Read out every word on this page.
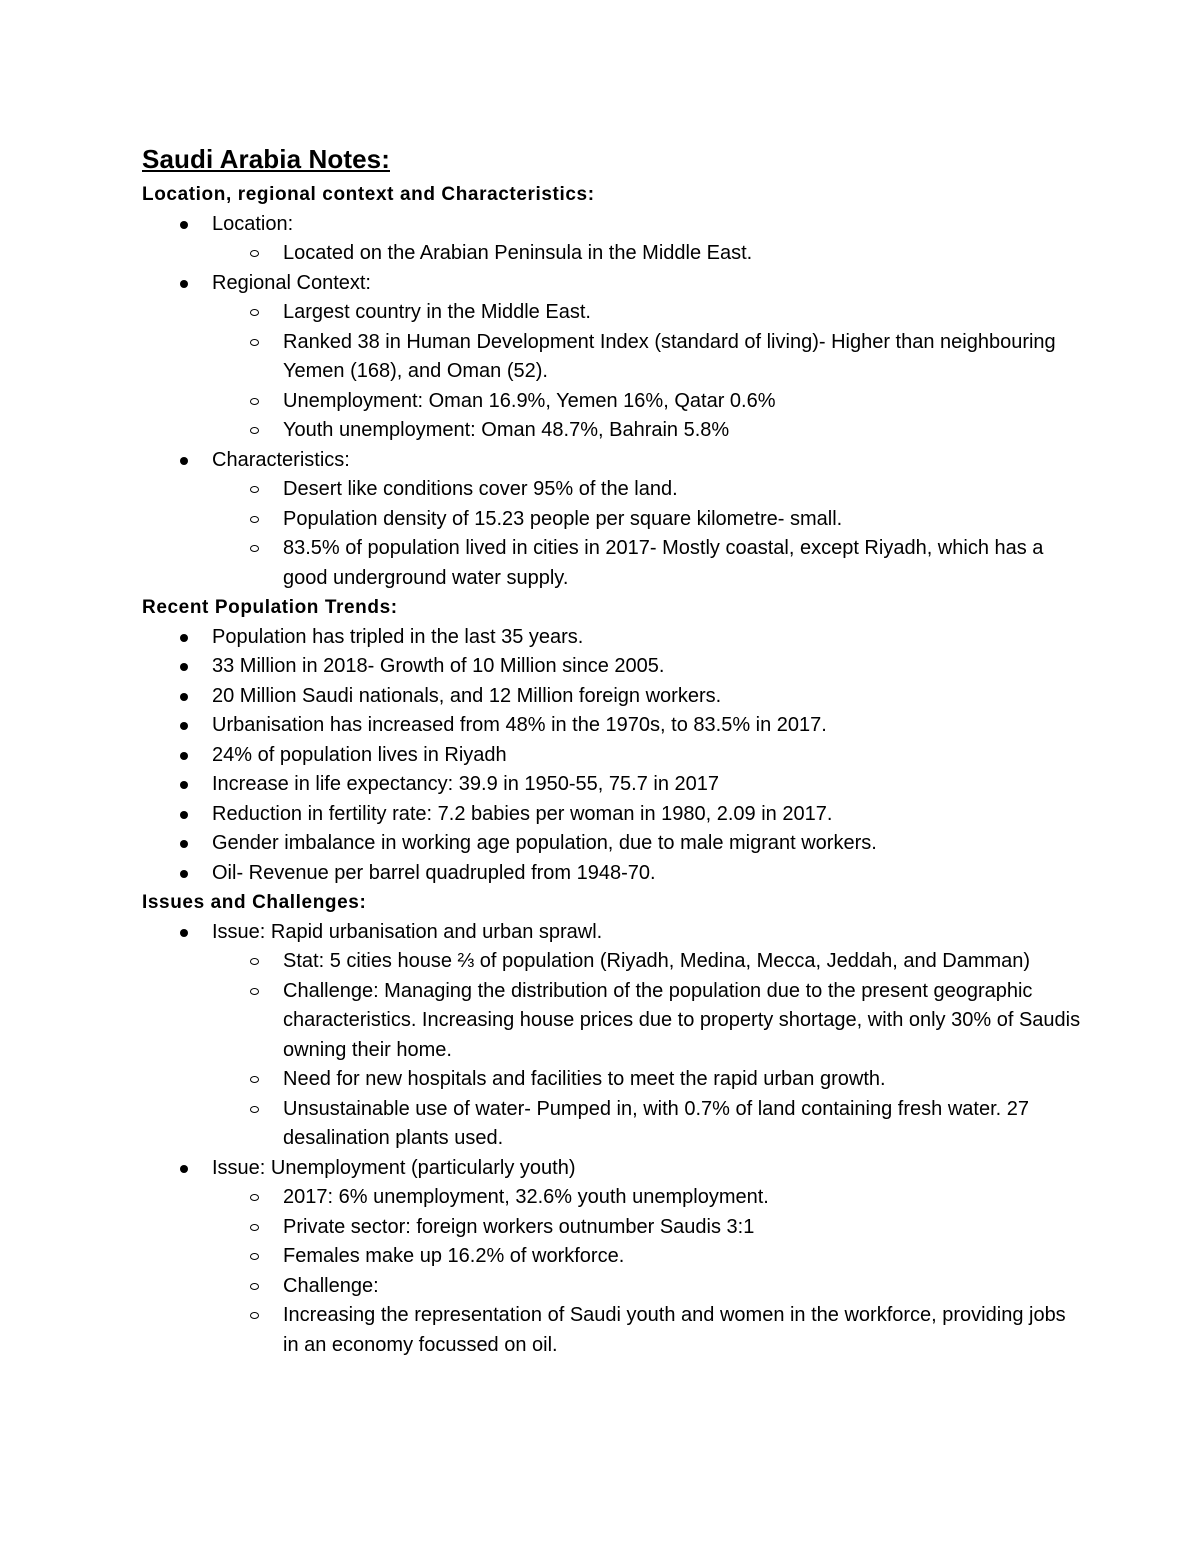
Saudi Arabia Notes:
Location, regional context and Characteristics:
Location:
Located on the Arabian Peninsula in the Middle East.
Regional Context:
Largest country in the Middle East.
Ranked 38 in Human Development Index (standard of living)- Higher than neighbouring Yemen (168), and Oman (52).
Unemployment: Oman 16.9%, Yemen 16%, Qatar 0.6%
Youth unemployment: Oman 48.7%, Bahrain 5.8%
Characteristics:
Desert like conditions cover 95% of the land.
Population density of 15.23 people per square kilometre- small.
83.5% of population lived in cities in 2017- Mostly coastal, except Riyadh, which has a good underground water supply.
Recent Population Trends:
Population has tripled in the last 35 years.
33 Million in 2018- Growth of 10 Million since 2005.
20 Million Saudi nationals, and 12 Million foreign workers.
Urbanisation has increased from 48% in the 1970s, to 83.5% in 2017.
24% of population lives in Riyadh
Increase in life expectancy: 39.9 in 1950-55, 75.7 in 2017
Reduction in fertility rate: 7.2 babies per woman in 1980, 2.09 in 2017.
Gender imbalance in working age population, due to male migrant workers.
Oil- Revenue per barrel quadrupled from 1948-70.
Issues and Challenges:
Issue: Rapid urbanisation and urban sprawl.
Stat: 5 cities house ⅔ of population (Riyadh, Medina, Mecca, Jeddah, and Damman)
Challenge: Managing the distribution of the population due to the present geographic characteristics. Increasing house prices due to property shortage, with only 30% of Saudis owning their home.
Need for new hospitals and facilities to meet the rapid urban growth.
Unsustainable use of water- Pumped in, with 0.7% of land containing fresh water. 27 desalination plants used.
Issue: Unemployment (particularly youth)
2017: 6% unemployment, 32.6% youth unemployment.
Private sector: foreign workers outnumber Saudis 3:1
Females make up 16.2% of workforce.
Challenge:
Increasing the representation of Saudi youth and women in the workforce, providing jobs in an economy focussed on oil.
